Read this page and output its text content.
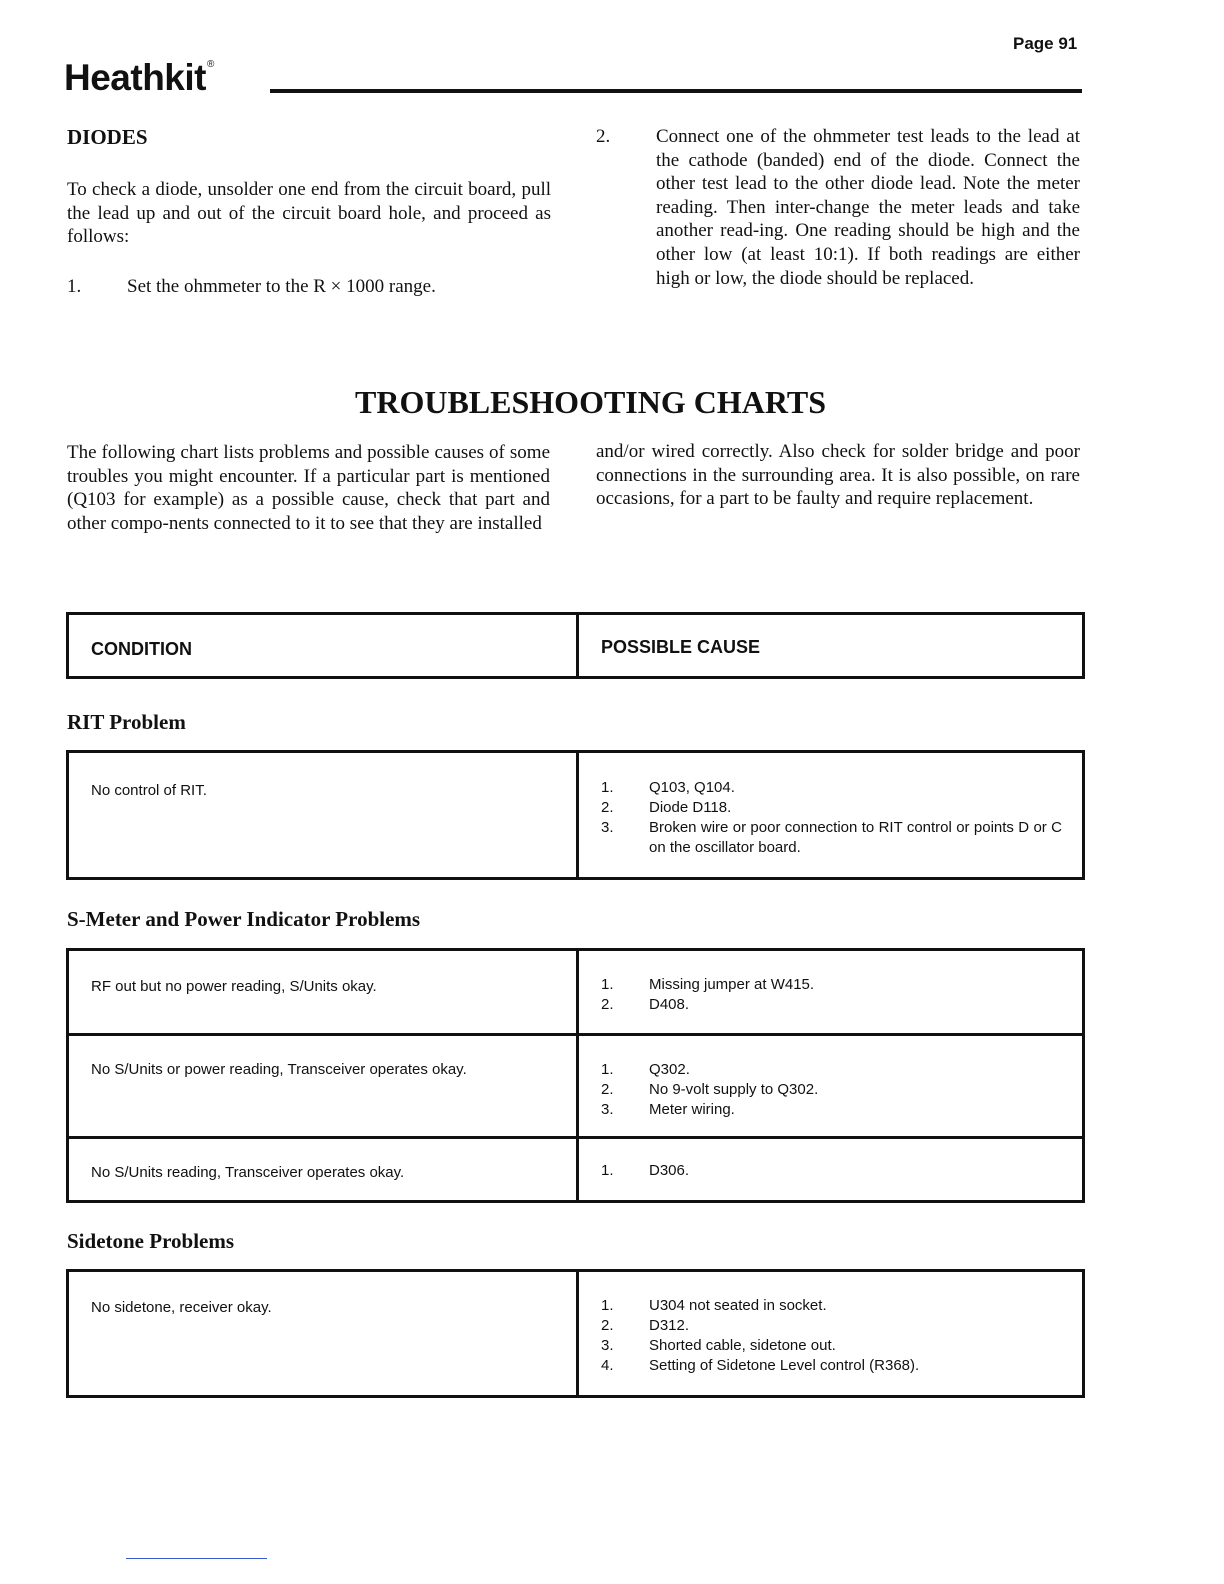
Page 91
Heathkit®
DIODES

To check a diode, unsolder one end from the circuit board, pull the lead up and out of the circuit board hole, and proceed as follows:

1.	Set the ohmmeter to the R × 1000 range.
2.	Connect one of the ohmmeter test leads to the lead at the cathode (banded) end of the diode. Connect the other test lead to the other diode lead. Note the meter reading. Then inter-change the meter leads and take another read-ing. One reading should be high and the other low (at least 10:1). If both readings are either high or low, the diode should be replaced.
TROUBLESHOOTING CHARTS

The following chart lists problems and possible causes of some troubles you might encounter. If a particular part is mentioned (Q103 for example) as a possible cause, check that part and other compo-nents connected to it to see that they are installed

and/or wired correctly. Also check for solder bridge and poor connections in the surrounding area. It is also possible, on rare occasions, for a part to be faulty and require replacement.

CONDITION	POSSIBLE CAUSE
RIT Problem
No control of RIT.	1.	Q103, Q104.
2.	Diode D118.
3.	Broken wire or poor connection to RIT control or points D or C on the oscillator board.
S-Meter and Power Indicator Problems
RF out but no power reading, S/Units okay.	1.	Missing jumper at W415.
2.	D408.
No S/Units or power reading, Transceiver operates okay.	1.	Q302.
2.	No 9-volt supply to Q302.
3.	Meter wiring.
No S/Units reading, Transceiver operates okay.	1.	D306.
Sidetone Problems
No sidetone, receiver okay.	1.	U304 not seated in socket.
2.	D312.
3.	Shorted cable, sidetone out.
4.	Setting of Sidetone Level control (R368).
